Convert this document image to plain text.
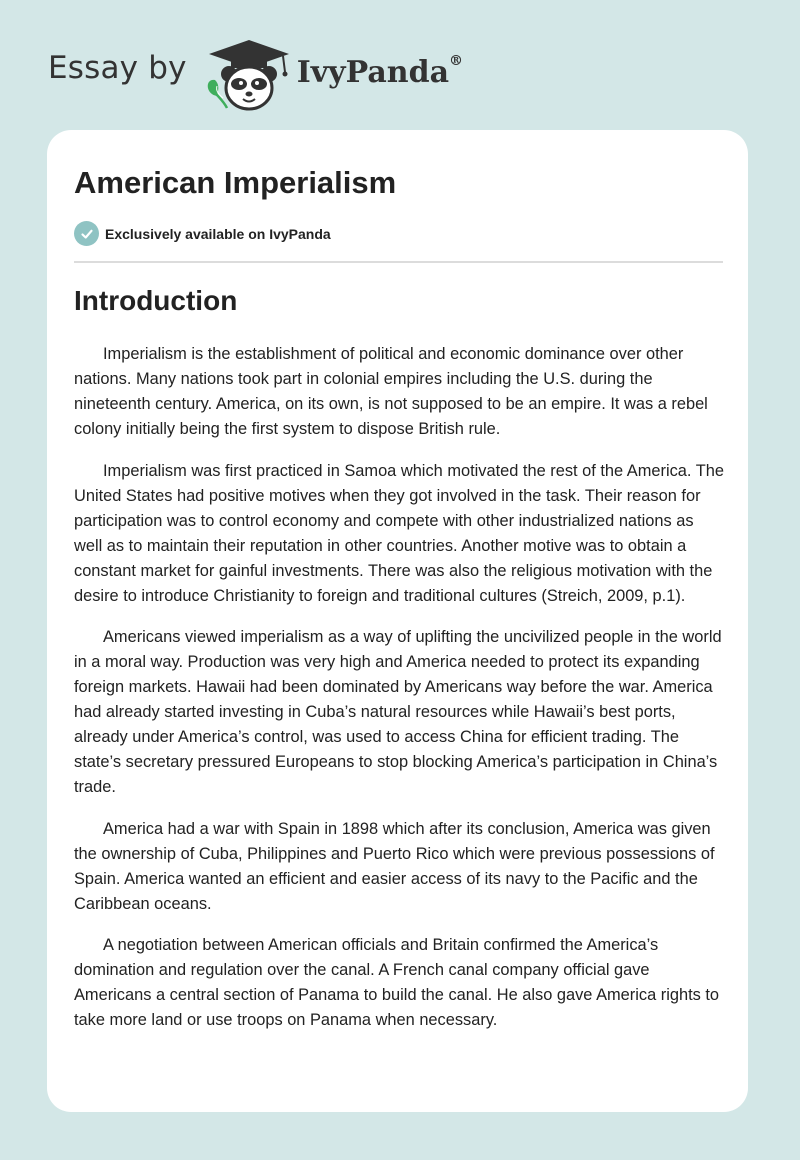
Essay by	IvyPanda®
American Imperialism
Exclusively available on IvyPanda
Introduction

Imperialism is the establishment of political and economic dominance over other nations. Many nations took part in colonial empires including the U.S. during the nineteenth century. America, on its own, is not supposed to be an empire. It was a rebel colony initially being the first system to dispose British rule.

Imperialism was first practiced in Samoa which motivated the rest of the America. The United States had positive motives when they got involved in the task. Their reason for participation was to control economy and compete with other industrialized nations as well as to maintain their reputation in other countries. Another motive was to obtain a constant market for gainful investments. There was also the religious motivation with the desire to introduce Christianity to foreign and traditional cultures (Streich, 2009, p.1).

Americans viewed imperialism as a way of uplifting the uncivilized people in the world in a moral way. Production was very high and America needed to protect its expanding foreign markets. Hawaii had been dominated by Americans way before the war. America had already started investing in Cuba’s natural resources while Hawaii’s best ports, already under America’s control, was used to access China for efficient trading. The state’s secretary pressured Europeans to stop blocking America’s participation in China’s trade.

America had a war with Spain in 1898 which after its conclusion, America was given the ownership of Cuba, Philippines and Puerto Rico which were previous possessions of Spain. America wanted an efficient and easier access of its navy to the Pacific and the Caribbean oceans.

A negotiation between American officials and Britain confirmed the America’s domination and regulation over the canal. A French canal company official gave Americans a central section of Panama to build the canal. He also gave America rights to take more land or use troops on Panama when necessary.
